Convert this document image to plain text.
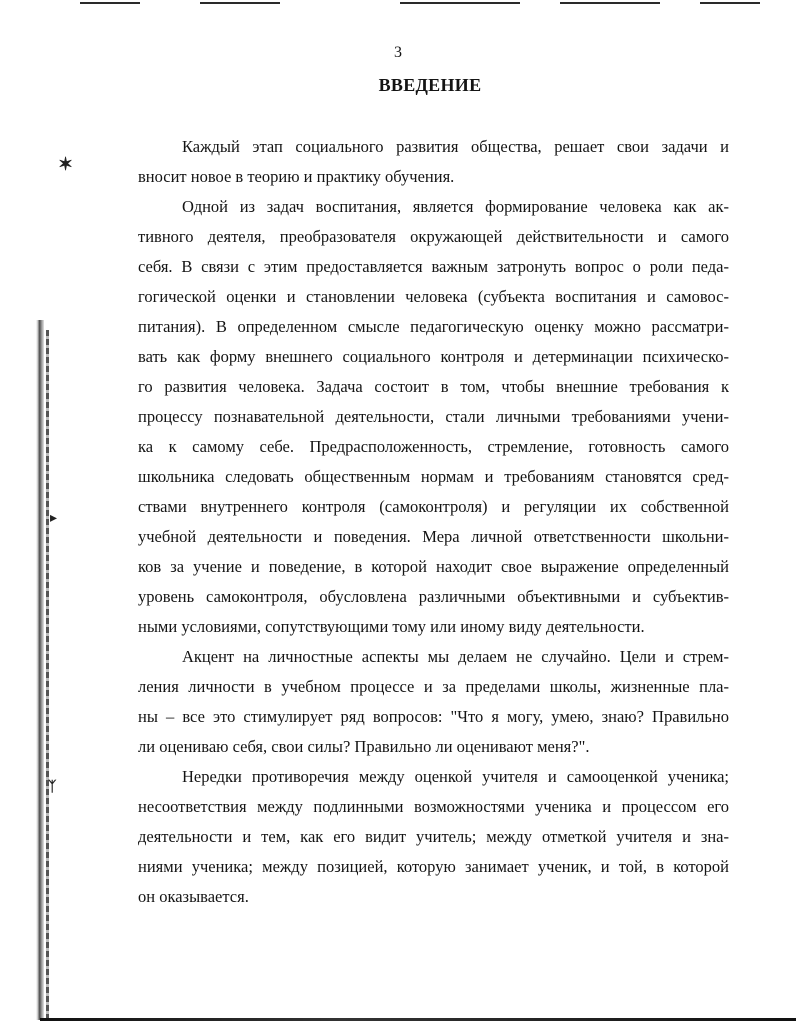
✶
▸
ᛉ
3
ВВЕДЕНИЕ
Каждый этап социального развития общества, решает свои задачи и
вносит новое в теорию и практику обучения.
Одной из задач воспитания, является формирование человека как ак-
тивного деятеля, преобразователя окружающей действительности и самого
себя. В связи с этим предоставляется важным затронуть вопрос о роли педа-
гогической оценки и становлении человека (субъекта воспитания и самовос-
питания). В определенном смысле педагогическую оценку можно рассматри-
вать как форму внешнего социального контроля и детерминации психическо-
го развития человека. Задача состоит в том, чтобы внешние требования к
процессу познавательной деятельности, стали личными требованиями учени-
ка к самому себе. Предрасположенность, стремление, готовность самого
школьника следовать общественным нормам и требованиям становятся сред-
ствами внутреннего контроля (самоконтроля) и регуляции их собственной
учебной деятельности и поведения. Мера личной ответственности школьни-
ков за учение и поведение, в которой находит свое выражение определенный
уровень самоконтроля, обусловлена различными объективными и субъектив-
ными условиями, сопутствующими тому или иному виду деятельности.
Акцент на личностные аспекты мы делаем не случайно. Цели и стрем-
ления личности в учебном процессе и за пределами школы, жизненные пла-
ны – все это стимулирует ряд вопросов: "Что я могу, умею, знаю? Правильно
ли оцениваю себя, свои силы? Правильно ли оценивают меня?".
Нередки противоречия между оценкой учителя и самооценкой ученика;
несоответствия между подлинными возможностями ученика и процессом его
деятельности и тем, как его видит учитель; между отметкой учителя и зна-
ниями ученика; между позицией, которую занимает ученик, и той, в которой
он оказывается.
